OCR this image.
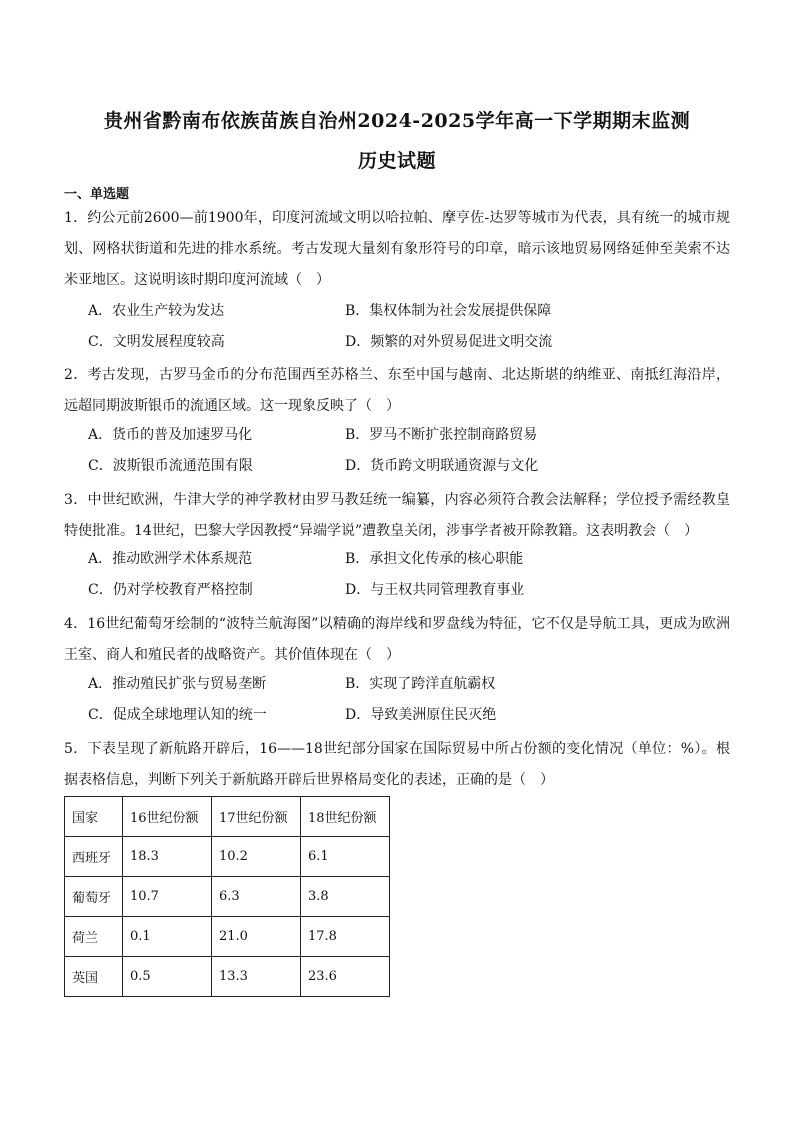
贵州省黔南布依族苗族自治州2024-2025学年高一下学期期末监测
历史试题
一、单选题
1．约公元前2600—前1900年，印度河流域文明以哈拉帕、摩亨佐-达罗等城市为代表，具有统一的城市规划、网格状街道和先进的排水系统。考古发现大量刻有象形符号的印章，暗示该地贸易网络延伸至美索不达米亚地区。这说明该时期印度河流域（　）
A．农业生产较为发达	B．集权体制为社会发展提供保障
C．文明发展程度较高	D．频繁的对外贸易促进文明交流
2．考古发现，古罗马金币的分布范围西至苏格兰、东至中国与越南、北达斯堪的纳维亚、南抵红海沿岸，远超同期波斯银币的流通区域。这一现象反映了（　）
A．货币的普及加速罗马化	B．罗马不断扩张控制商路贸易
C．波斯银币流通范围有限	D．货币跨文明联通资源与文化
3．中世纪欧洲，牛津大学的神学教材由罗马教廷统一编纂，内容必须符合教会法解释；学位授予需经教皇特使批准。14世纪，巴黎大学因教授“异端学说”遭教皇关闭，涉事学者被开除教籍。这表明教会（　）
A．推动欧洲学术体系规范	B．承担文化传承的核心职能
C．仍对学校教育严格控制	D．与王权共同管理教育事业
4．16世纪葡萄牙绘制的“波特兰航海图”以精确的海岸线和罗盘线为特征，它不仅是导航工具，更成为欧洲王室、商人和殖民者的战略资产。其价值体现在（　）
A．推动殖民扩张与贸易垄断	B．实现了跨洋直航霸权
C．促成全球地理认知的统一	D．导致美洲原住民灭绝
5．下表呈现了新航路开辟后，16——18世纪部分国家在国际贸易中所占份额的变化情况（单位：%）。根据表格信息，判断下列关于新航路开辟后世界格局变化的表述，正确的是（　）
国家	16世纪份额	17世纪份额	18世纪份额
西班牙	18.3	10.2	6.1
葡萄牙	10.7	6.3	3.8
荷兰	0.1	21.0	17.8
英国	0.5	13.3	23.6
